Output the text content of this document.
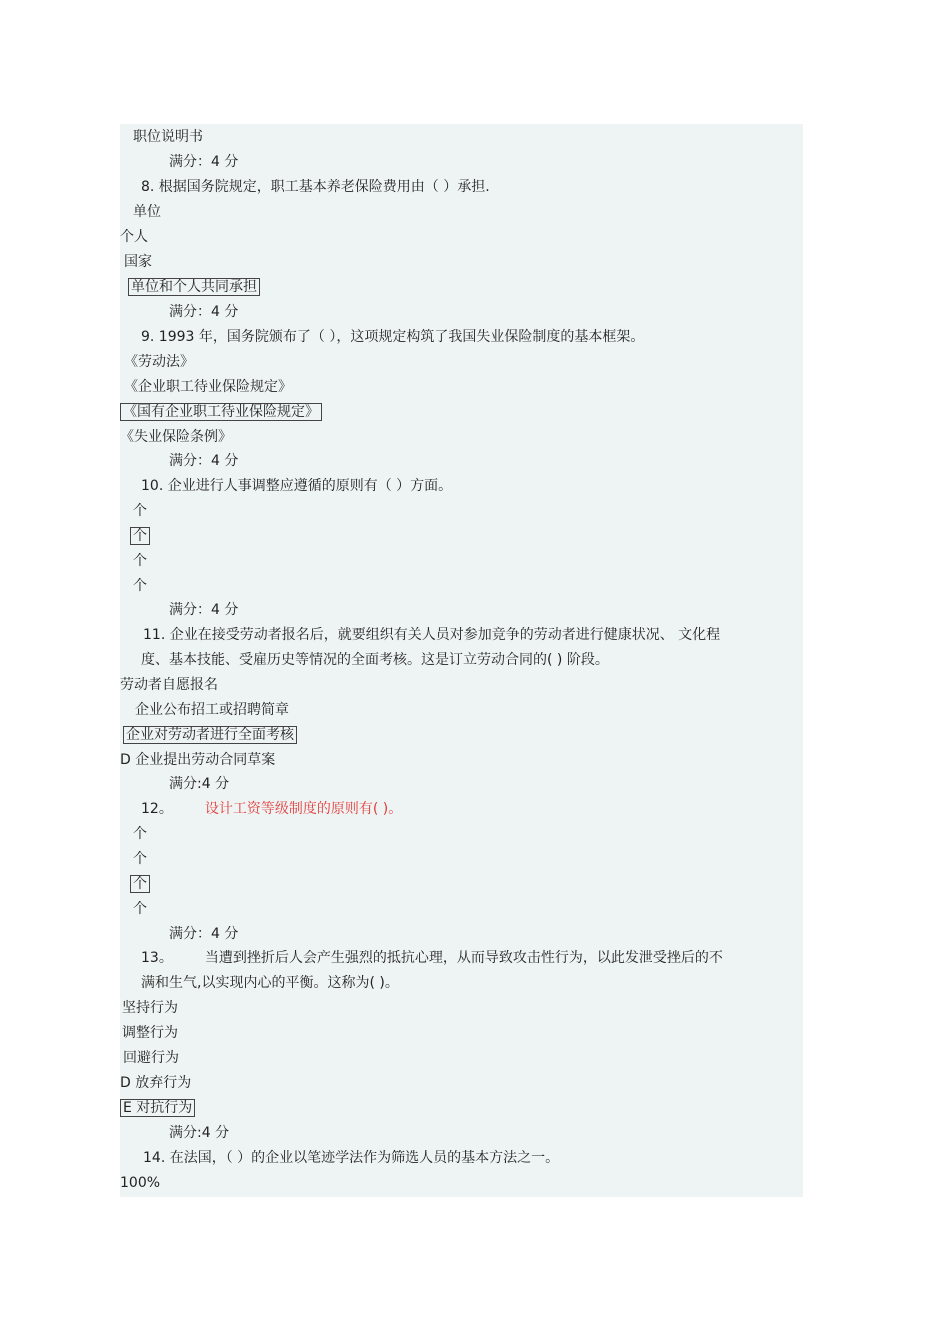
职位说明书
满分：4 分
8. 根据国务院规定，职工基本养老保险费用由（ ）承担.
单位
个人
国家
单位和个人共同承担
满分：4 分
9. 1993 年，国务院颁布了（ ），这项规定构筑了我国失业保险制度的基本框架。
《劳动法》
《企业职工待业保险规定》
《国有企业职工待业保险规定》
《失业保险条例》
满分：4 分
10. 企业进行人事调整应遵循的原则有（ ）方面。
个
个
个
个
满分：4 分
11. 企业在接受劳动者报名后，就要组织有关人员对参加竞争的劳动者进行健康状况、 文化程
度、基本技能、受雇历史等情况的全面考核。这是订立劳动合同的( ) 阶段。
劳动者自愿报名
企业公布招工或招聘简章
企业对劳动者进行全面考核
D 企业提出劳动合同草案
满分:4 分
12。 设计工资等级制度的原则有( )。
个
个
个
个
满分：4 分
13。 当遭到挫折后人会产生强烈的抵抗心理，从而导致攻击性行为，以此发泄受挫后的不
满和生气,以实现内心的平衡。这称为( )。
坚持行为
调整行为
回避行为
D 放弃行为
E 对抗行为
满分:4 分
14. 在法国，（ ）的企业以笔迹学法作为筛选人员的基本方法之一。
100%
